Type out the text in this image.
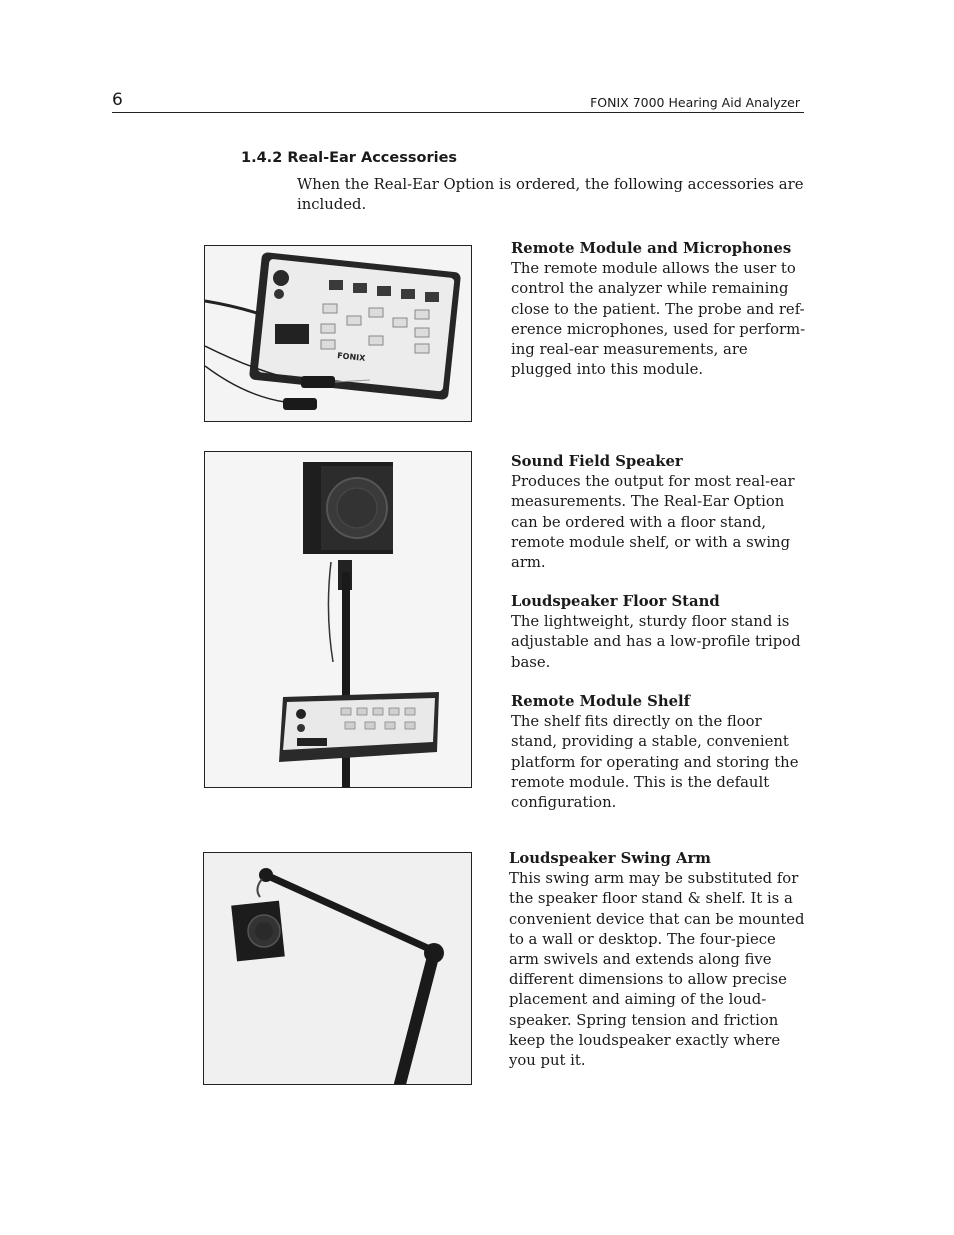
6	FONIX 7000 Hearing Aid Analyzer
1.4.2 Real-Ear Accessories
When the Real-Ear Option is ordered, the following accessories are included.
FONIX
Remote Module and Microphones
The remote module allows the user to control the analyzer while remaining close to the patient. The probe and ref-erence microphones, used for perform-ing real-ear measurements, are plugged into this module.
Sound Field Speaker
Produces the output for most real-ear measurements. The Real-Ear Option can be ordered with a floor stand, remote module shelf, or with a swing arm.
Loudspeaker Floor Stand
The lightweight, sturdy floor stand is adjustable and has a low-profile tripod base.
Remote Module Shelf
The shelf fits directly on the floor stand, providing a stable, convenient platform for operating and storing the remote module. This is the default configuration.
Loudspeaker Swing Arm
This swing arm may be substituted for the speaker floor stand & shelf. It is a convenient device that can be mounted to a wall or desktop. The four-piece arm swivels and extends along five different dimensions to allow precise placement and aiming of the loud-speaker. Spring tension and friction keep the loudspeaker exactly where you put it.
